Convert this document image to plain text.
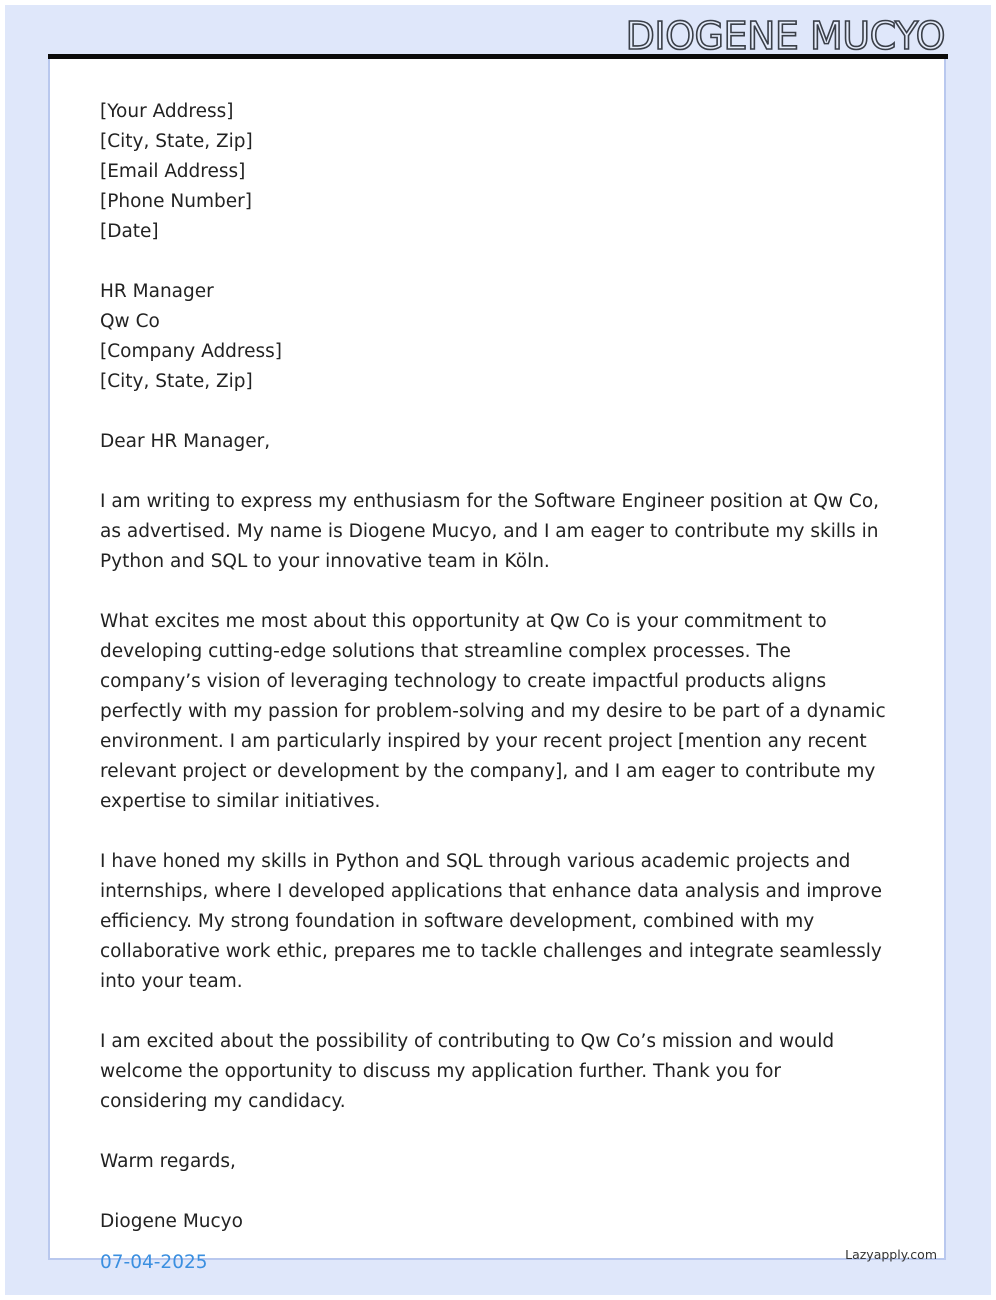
DIOGENE MUCYO
[Your Address]
[City, State, Zip]
[Email Address]
[Phone Number]
[Date]
HR Manager
Qw Co
[Company Address]
[City, State, Zip]

Dear HR Manager,

I am writing to express my enthusiasm for the Software Engineer position at Qw Co, as advertised. My name is Diogene Mucyo, and I am eager to contribute my skills in Python and SQL to your innovative team in Köln.

What excites me most about this opportunity at Qw Co is your commitment to developing cutting-edge solutions that streamline complex processes. The company’s vision of leveraging technology to create impactful products aligns perfectly with my passion for problem-solving and my desire to be part of a dynamic environment. I am particularly inspired by your recent project [mention any recent relevant project or development by the company], and I am eager to contribute my expertise to similar initiatives.

I have honed my skills in Python and SQL through various academic projects and internships, where I developed applications that enhance data analysis and improve efficiency. My strong foundation in software development, combined with my collaborative work ethic, prepares me to tackle challenges and integrate seamlessly into your team.

I am excited about the possibility of contributing to Qw Co’s mission and would welcome the opportunity to discuss my application further. Thank you for considering my candidacy.

Warm regards,

Diogene Mucyo

07-04-2025	Lazyapply.com
